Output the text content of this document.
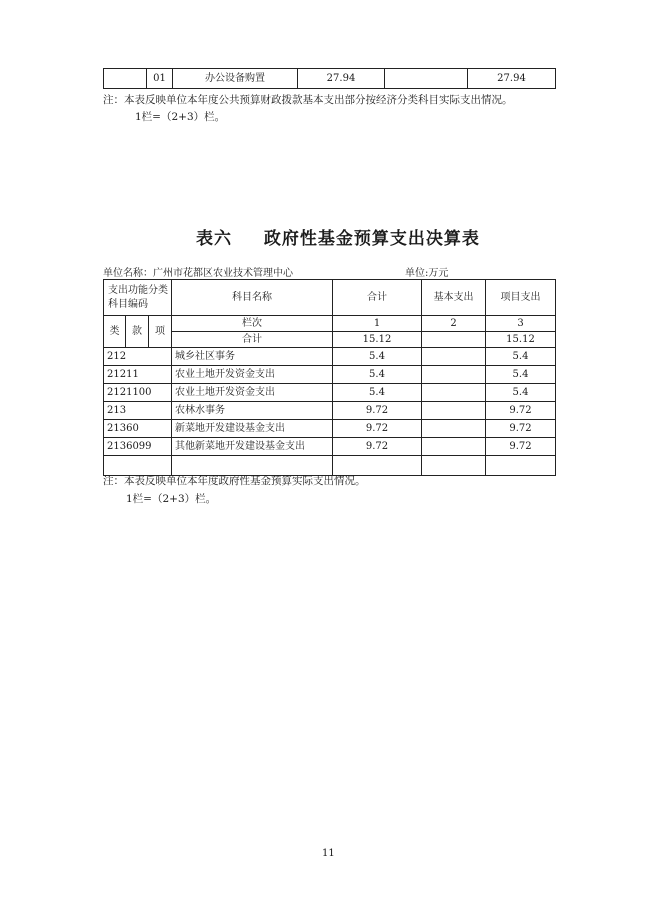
	01	办公设备购置	27.94		27.94
注：本表反映单位本年度公共预算财政拨款基本支出部分按经济分类科目实际支出情况。
1栏=（2+3）栏。
表六 政府性基金预算支出决算表
单位名称：广州市花都区农业技术管理中心	单位:万元
支出功能分类科目编码			科目名称	合计	基本支出	项目支出

类	款	项	栏次	1	2	3
			合计	15.12		15.12
212			城乡社区事务	5.4		5.4
21211			农业土地开发资金支出	5.4		5.4
2121100			农业土地开发资金支出	5.4		5.4
213			农林水事务	9.72		9.72
21360			新菜地开发建设基金支出	9.72		9.72
2136099			其他新菜地开发建设基金支出	9.72		9.72

注：本表反映单位本年度政府性基金预算实际支出情况。
1栏=（2+3）栏。
11
